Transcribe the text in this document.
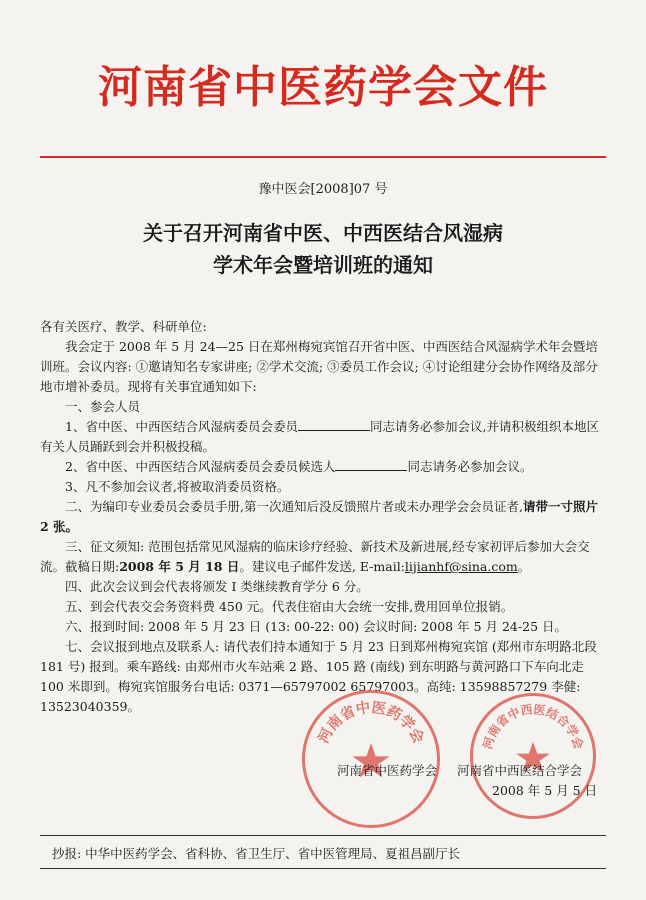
河南省中医药学会文件
豫中医会[2008]07 号
关于召开河南省中医、中西医结合风湿病
学术年会暨培训班的通知

各有关医疗、教学、科研单位:

我会定于 2008 年 5 月 24—25 日在郑州梅宛宾馆召开省中医、中西医结合风湿病学术年会暨培训班。会议内容: ①邀请知名专家讲座; ②学术交流; ③委员工作会议; ④讨论组建分会协作网络及部分地市增补委员。现将有关事宜通知如下:

一、参会人员

1、省中医、中西医结合风湿病委员会委员	同志请务必参加会议,并请积极组织本地区有关人员踊跃到会并积极投稿。

2、省中医、中西医结合风湿病委员会委员候选人	同志请务必参加会议。

3、凡不参加会议者,将被取消委员资格。

二、为编印专业委员会委员手册,第一次通知后没反馈照片者或未办理学会会员证者,请带一寸照片 2 张。

三、征文须知: 范围包括常见风湿病的临床诊疗经验、新技术及新进展,经专家初评后参加大会交流。截稿日期:2008 年 5 月 18 日。建议电子邮件发送, E-mail:lijianhf@sina.com。

四、此次会议到会代表将颁发 I 类继续教育学分 6 分。

五、到会代表交会务资料费 450 元。代表住宿由大会统一安排,费用回单位报销。

六、报到时间: 2008 年 5 月 23 日 (13: 00-22: 00) 会议时间: 2008 年 5 月 24-25 日。

七、会议报到地点及联系人: 请代表们持本通知于 5 月 23 日到郑州梅宛宾馆 (郑州市东明路北段 181 号) 报到。乘车路线: 由郑州市火车站乘 2 路、105 路 (南线) 到东明路与黄河路口下车向北走 100 米即到。梅宛宾馆服务台电话: 0371—65797002 65797003。高纯: 13598857279 李健: 13523040359。

河南省中医药学会	河南省中西医结合学会
河南省中医药学会 河南省中西医结合学会
2008 年 5 月 5 日
抄报: 中华中医药学会、省科协、省卫生厅、省中医管理局、夏祖昌副厅长
